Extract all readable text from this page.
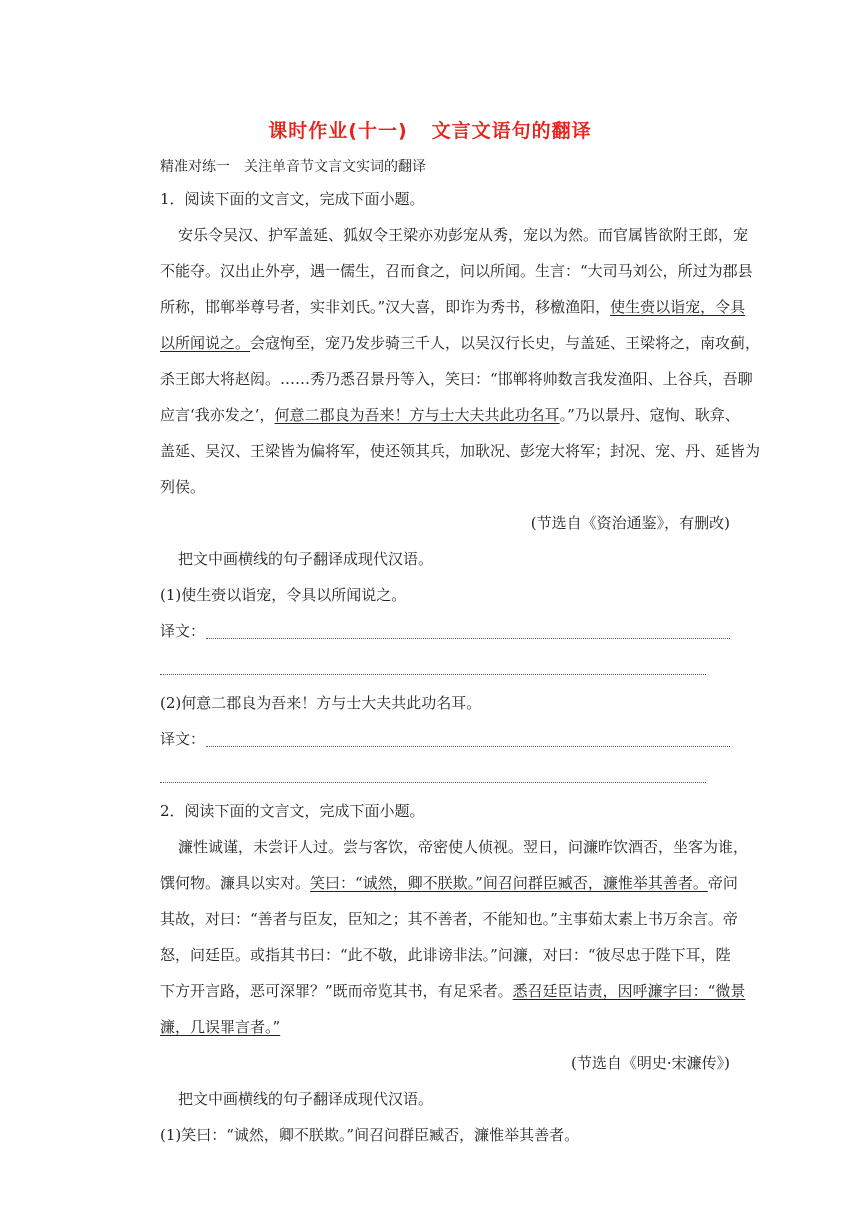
课时作业(十一) 文言文语句的翻译
精准对练一　关注单音节文言文实词的翻译
1．阅读下面的文言文，完成下面小题。
安乐令吴汉、护军盖延、狐奴令王梁亦劝彭宠从秀，宠以为然。而官属皆欲附王郎，宠
不能夺。汉出止外亭，遇一儒生，召而食之，问以所闻。生言：“大司马刘公，所过为郡县
所称，邯郸举尊号者，实非刘氏。”汉大喜，即诈为秀书，移檄渔阳，使生赍以诣宠，令具
以所闻说之。会寇恂至，宠乃发步骑三千人，以吴汉行长史，与盖延、王梁将之，南攻蓟，
杀王郎大将赵闳。……秀乃悉召景丹等入，笑曰：“邯郸将帅数言我发渔阳、上谷兵，吾聊
应言‘我亦发之’，何意二郡良为吾来！方与士大夫共此功名耳。”乃以景丹、寇恂、耿弇、
盖延、吴汉、王梁皆为偏将军，使还领其兵，加耿况、彭宠大将军；封况、宠、丹、延皆为
列侯。
(节选自《资治通鉴》，有删改)
把文中画横线的句子翻译成现代汉语。
(1)使生赍以诣宠，令具以所闻说之。
译文：
(2)何意二郡良为吾来！方与士大夫共此功名耳。
译文：
2．阅读下面的文言文，完成下面小题。
濂性诚谨，未尝讦人过。尝与客饮，帝密使人侦视。翌日，问濂昨饮酒否，坐客为谁，
馔何物。濂具以实对。笑曰：“诚然，卿不朕欺。”间召问群臣臧否，濂惟举其善者。帝问
其故，对曰：“善者与臣友，臣知之；其不善者，不能知也。”主事茹太素上书万余言。帝
怒，问廷臣。或指其书曰：“此不敬，此诽谤非法。”问濂，对曰：“彼尽忠于陛下耳，陛
下方开言路，恶可深罪？”既而帝览其书，有足采者。悉召廷臣诘责，因呼濂字曰：“微景
濂，几误罪言者。”
(节选自《明史·宋濂传》)
把文中画横线的句子翻译成现代汉语。
(1)笑曰：“诚然，卿不朕欺。”间召问群臣臧否，濂惟举其善者。
